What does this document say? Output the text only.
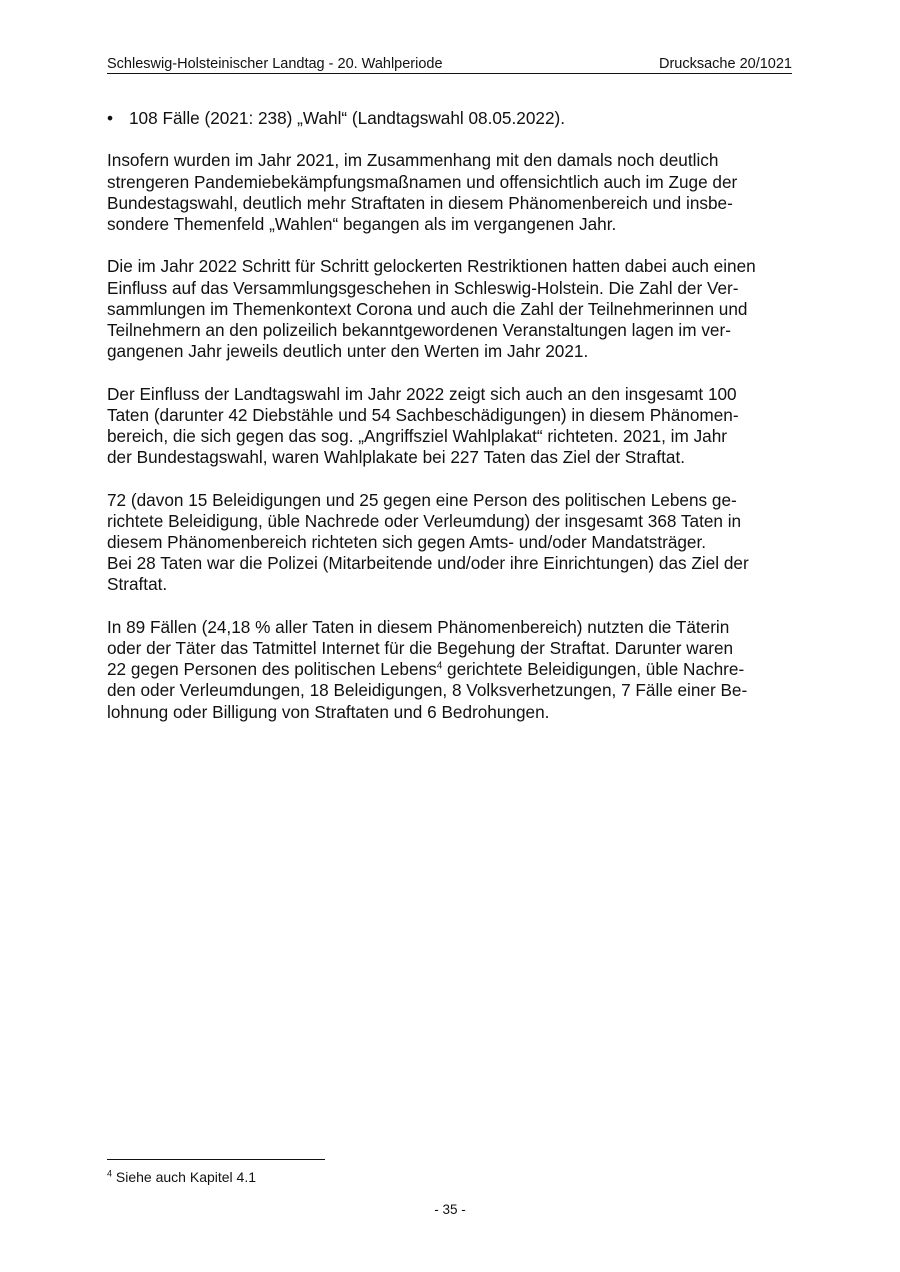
Schleswig-Holsteinischer Landtag - 20. Wahlperiode	Drucksache 20/1021

• 108 Fälle (2021: 238) „Wahl“ (Landtagswahl 08.05.2022).

Insofern wurden im Jahr 2021, im Zusammenhang mit den damals noch deutlich

strengeren Pandemiebekämpfungsmaßnamen und offensichtlich auch im Zuge der

Bundestagswahl, deutlich mehr Straftaten in diesem Phänomenbereich und insbe-

sondere Themenfeld „Wahlen“ begangen als im vergangenen Jahr.

Die im Jahr 2022 Schritt für Schritt gelockerten Restriktionen hatten dabei auch einen

Einfluss auf das Versammlungsgeschehen in Schleswig-Holstein. Die Zahl der Ver-

sammlungen im Themenkontext Corona und auch die Zahl der Teilnehmerinnen und

Teilnehmern an den polizeilich bekanntgewordenen Veranstaltungen lagen im ver-

gangenen Jahr jeweils deutlich unter den Werten im Jahr 2021.

Der Einfluss der Landtagswahl im Jahr 2022 zeigt sich auch an den insgesamt 100

Taten (darunter 42 Diebstähle und 54 Sachbeschädigungen) in diesem Phänomen-

bereich, die sich gegen das sog. „Angriffsziel Wahlplakat“ richteten. 2021, im Jahr

der Bundestagswahl, waren Wahlplakate bei 227 Taten das Ziel der Straftat.

72 (davon 15 Beleidigungen und 25 gegen eine Person des politischen Lebens ge-

richtete Beleidigung, üble Nachrede oder Verleumdung) der insgesamt 368 Taten in

diesem Phänomenbereich richteten sich gegen Amts- und/oder Mandatsträger.

Bei 28 Taten war die Polizei (Mitarbeitende und/oder ihre Einrichtungen) das Ziel der

Straftat.

In 89 Fällen (24,18 % aller Taten in diesem Phänomenbereich) nutzten die Täterin

oder der Täter das Tatmittel Internet für die Begehung der Straftat. Darunter waren

22 gegen Personen des politischen Lebens$^4$ gerichtete Beleidigungen, üble Nachre-

den oder Verleumdungen, 18 Beleidigungen, 8 Volksverhetzungen, 7 Fälle einer Be-

lohnung oder Billigung von Straftaten und 6 Bedrohungen.

$^4$ Siehe auch Kapitel 4.1
- 35 -
